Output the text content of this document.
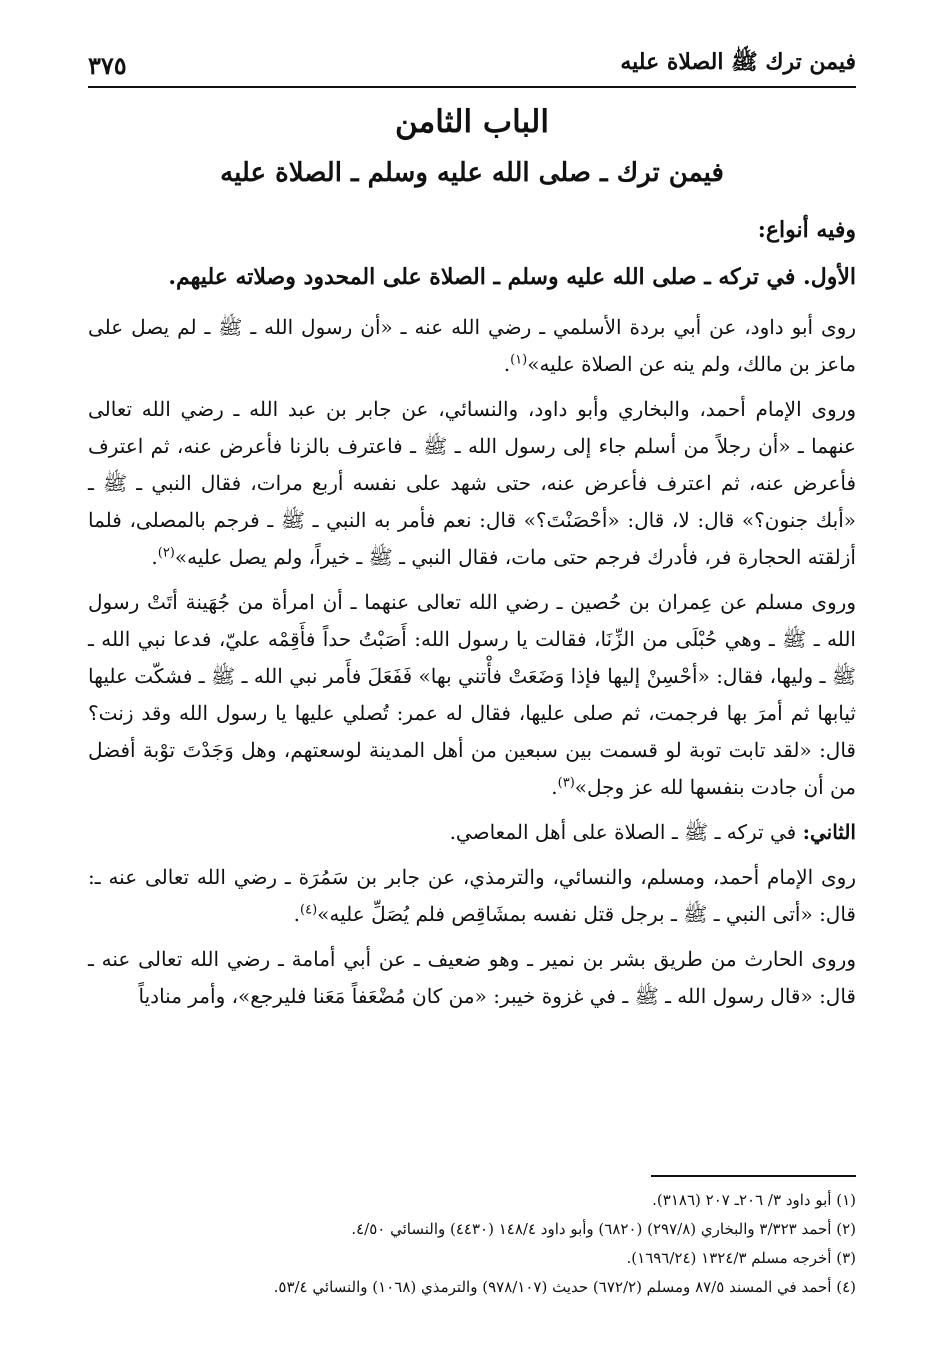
فيمن ترك ﷺ الصلاة عليه
٣٧٥
الباب الثامن
فيمن ترك ـ صلى الله عليه وسلم ـ الصلاة عليه

وفيه أنواع:

الأول. في تركه ـ صلى الله عليه وسلم ـ الصلاة على المحدود وصلاته عليهم.

روى أبو داود، عن أبي بردة الأسلمي ـ رضي الله عنه ـ «أن رسول الله ـ ﷺ ـ لم يصل على ماعز بن مالك، ولم ينه عن الصلاة عليه»$^{(١)}$.

وروى الإمام أحمد، والبخاري وأبو داود، والنسائي، عن جابر بن عبد الله ـ رضي الله تعالى عنهما ـ «أن رجلاً من أسلم جاء إلى رسول الله ـ ﷺ ـ فاعترف بالزنا فأعرض عنه، ثم اعترف فأعرض عنه، ثم اعترف فأعرض عنه، حتى شهد على نفسه أربع مرات، فقال النبي ـ ﷺ ـ «أبك جنون؟» قال: لا، قال: «أحْصَنْتَ؟» قال: نعم فأمر به النبي ـ ﷺ ـ فرجم بالمصلى، فلما أزلقته الحجارة فر، فأدرك فرجم حتى مات، فقال النبي ـ ﷺ ـ خيراً، ولم يصل عليه»$^{(٢)}$.

وروى مسلم عن عِمران بن حُصين ـ رضي الله تعالى عنهما ـ أن امرأة من جُهَينة أتَتْ رسول الله ـ ﷺ ـ وهي حُبْلَى من الزِّنَا، فقالت يا رسول الله: أَصَبْتُ حداً فأَقِمْه عليّ، فدعا نبي الله ـ ﷺ ـ وليها، فقال: «أحْسِنْ إليها فإذا وَضَعَتْ فأْتني بها» فَفَعَلَ فأَمر نبي الله ـ ﷺ ـ فشكّت عليها ثيابها ثم أمرَ بها فرجمت، ثم صلى عليها، فقال له عمر: تُصلي عليها يا رسول الله وقد زنت؟ قال: «لقد تابت توبة لو قسمت بين سبعين من أهل المدينة لوسعتهم، وهل وَجَدْتَ توْبة أفضل من أن جادت بنفسها لله عز وجل»$^{(٣)}$.

الثاني: في تركه ـ ﷺ ـ الصلاة على أهل المعاصي.

روى الإمام أحمد، ومسلم، والنسائي، والترمذي، عن جابر بن سَمُرَة ـ رضي الله تعالى عنه ـ: قال: «أتى النبي ـ ﷺ ـ برجل قتل نفسه بمشَاقِص فلم يُصَلِّ عليه»$^{(٤)}$.

وروى الحارث من طريق بشر بن نمير ـ وهو ضعيف ـ عن أبي أمامة ـ رضي الله تعالى عنه ـ قال: «قال رسول الله ـ ﷺ ـ في غزوة خيبر: «من كان مُضْعَفاً مَعَنا فليرجع»، وأمر منادياً

(١) أبو داود ٣/ ٢٠٦ـ ٢٠٧ (٣١٨٦).
(٢) أحمد ٣/٣٢٣ والبخاري (٢٩٧/٨) (٦٨٢٠) وأبو داود ١٤٨/٤ (٤٤٣٠) والنسائي ٤/٥٠.
(٣) أخرجه مسلم ١٣٢٤/٣ (١٦٩٦/٢٤).
(٤) أحمد في المسند ٨٧/٥ ومسلم (٦٧٢/٢) حديث (٩٧٨/١٠٧) والترمذي (١٠٦٨) والنسائي ٥٣/٤.
